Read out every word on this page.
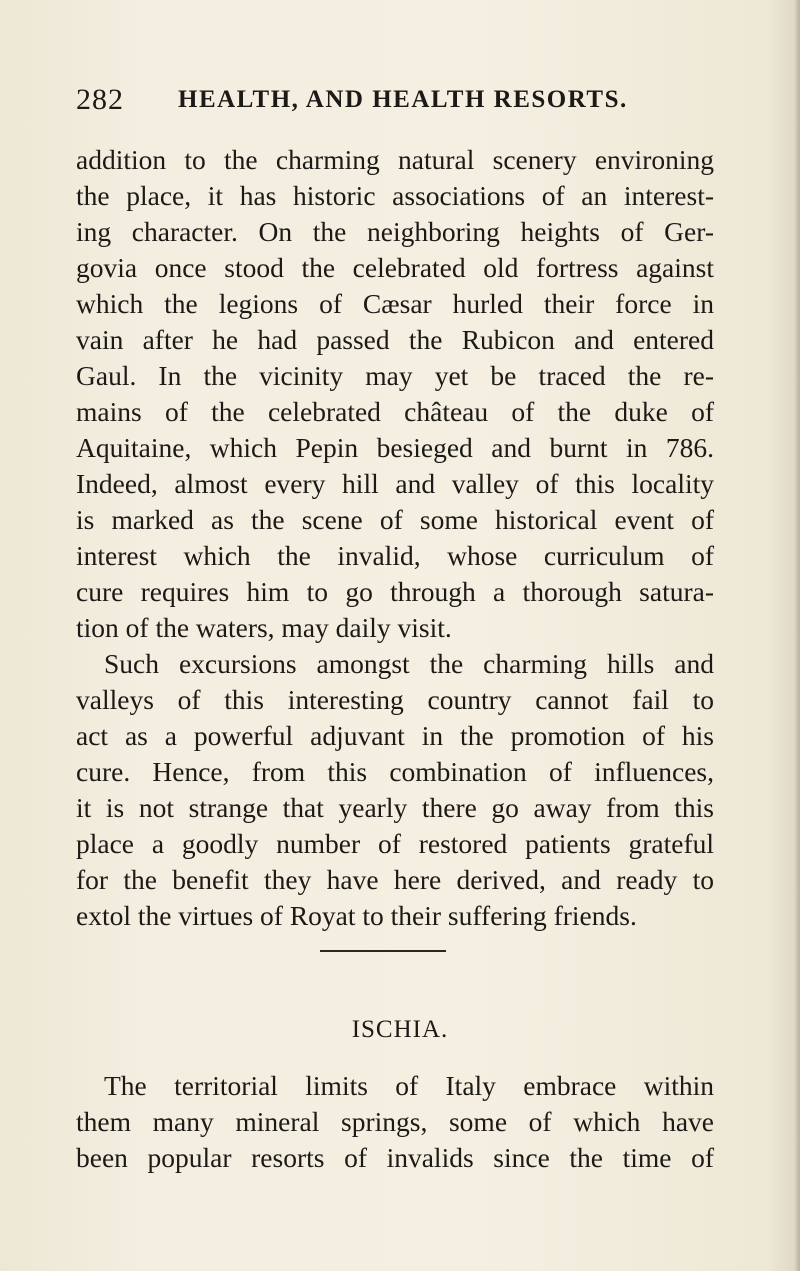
282 HEALTH, AND HEALTH RESORTS.
addition to the charming natural scenery environing
the place, it has historic associations of an interest-
ing character. On the neighboring heights of Ger-
govia once stood the celebrated old fortress against
which the legions of Cæsar hurled their force in
vain after he had passed the Rubicon and entered
Gaul. In the vicinity may yet be traced the re-
mains of the celebrated château of the duke of
Aquitaine, which Pepin besieged and burnt in 786.
Indeed, almost every hill and valley of this locality
is marked as the scene of some historical event of
interest which the invalid, whose curriculum of
cure requires him to go through a thorough satura-
tion of the waters, may daily visit.
Such excursions amongst the charming hills and
valleys of this interesting country cannot fail to
act as a powerful adjuvant in the promotion of his
cure. Hence, from this combination of influences,
it is not strange that yearly there go away from this
place a goodly number of restored patients grateful
for the benefit they have here derived, and ready to
extol the virtues of Royat to their suffering friends.
ISCHIA.
The territorial limits of Italy embrace within
them many mineral springs, some of which have
been popular resorts of invalids since the time of
